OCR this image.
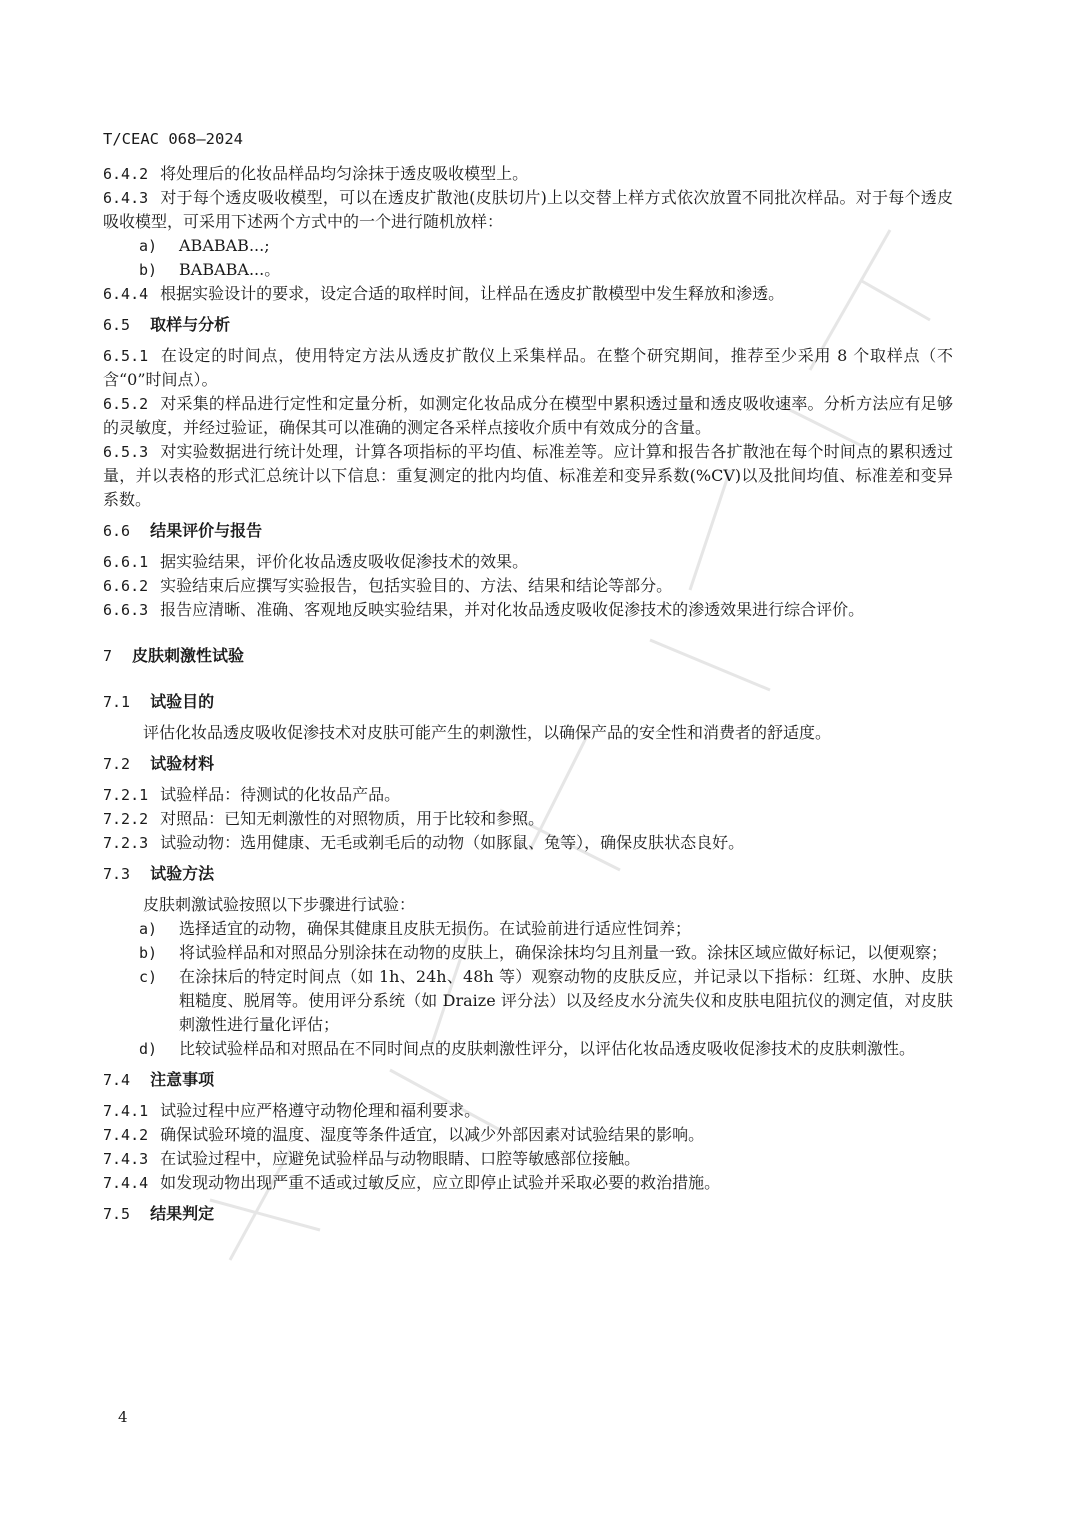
T/CEAC 068—2024

6.4.2 将处理后的化妆品样品均匀涂抹于透皮吸收模型上。

6.4.3 对于每个透皮吸收模型，可以在透皮扩散池(皮肤切片)上以交替上样方式依次放置不同批次样品。对于每个透皮吸收模型，可采用下述两个方式中的一个进行随机放样：

a) ABABAB...;

b) BABABA...。

6.4.4 根据实验设计的要求，设定合适的取样时间，让样品在透皮扩散模型中发生释放和渗透。

6.5 取样与分析

6.5.1 在设定的时间点，使用特定方法从透皮扩散仪上采集样品。在整个研究期间，推荐至少采用 8 个取样点（不含“0”时间点）。

6.5.2 对采集的样品进行定性和定量分析，如测定化妆品成分在模型中累积透过量和透皮吸收速率。分析方法应有足够的灵敏度，并经过验证，确保其可以准确的测定各采样点接收介质中有效成分的含量。

6.5.3 对实验数据进行统计处理，计算各项指标的平均值、标准差等。应计算和报告各扩散池在每个时间点的累积透过量，并以表格的形式汇总统计以下信息：重复测定的批内均值、标准差和变异系数(%CV)以及批间均值、标准差和变异系数。

6.6 结果评价与报告

6.6.1 据实验结果，评价化妆品透皮吸收促渗技术的效果。

6.6.2 实验结束后应撰写实验报告，包括实验目的、方法、结果和结论等部分。

6.6.3 报告应清晰、准确、客观地反映实验结果，并对化妆品透皮吸收促渗技术的渗透效果进行综合评价。

7 皮肤刺激性试验

7.1 试验目的

评估化妆品透皮吸收促渗技术对皮肤可能产生的刺激性，以确保产品的安全性和消费者的舒适度。

7.2 试验材料

7.2.1 试验样品：待测试的化妆品产品。

7.2.2 对照品：已知无刺激性的对照物质，用于比较和参照。

7.2.3 试验动物：选用健康、无毛或剃毛后的动物（如豚鼠、兔等），确保皮肤状态良好。

7.3 试验方法

皮肤刺激试验按照以下步骤进行试验：

a) 选择适宜的动物，确保其健康且皮肤无损伤。在试验前进行适应性饲养；

b) 将试验样品和对照品分别涂抹在动物的皮肤上，确保涂抹均匀且剂量一致。涂抹区域应做好标记，以便观察；

c) 在涂抹后的特定时间点（如 1h、24h、48h 等）观察动物的皮肤反应，并记录以下指标：红斑、水肿、皮肤粗糙度、脱屑等。使用评分系统（如 Draize 评分法）以及经皮水分流失仪和皮肤电阻抗仪的测定值，对皮肤刺激性进行量化评估；

d) 比较试验样品和对照品在不同时间点的皮肤刺激性评分，以评估化妆品透皮吸收促渗技术的皮肤刺激性。

7.4 注意事项

7.4.1 试验过程中应严格遵守动物伦理和福利要求。

7.4.2 确保试验环境的温度、湿度等条件适宜，以减少外部因素对试验结果的影响。

7.4.3 在试验过程中，应避免试验样品与动物眼睛、口腔等敏感部位接触。

7.4.4 如发现动物出现严重不适或过敏反应，应立即停止试验并采取必要的救治措施。

7.5 结果判定

4
